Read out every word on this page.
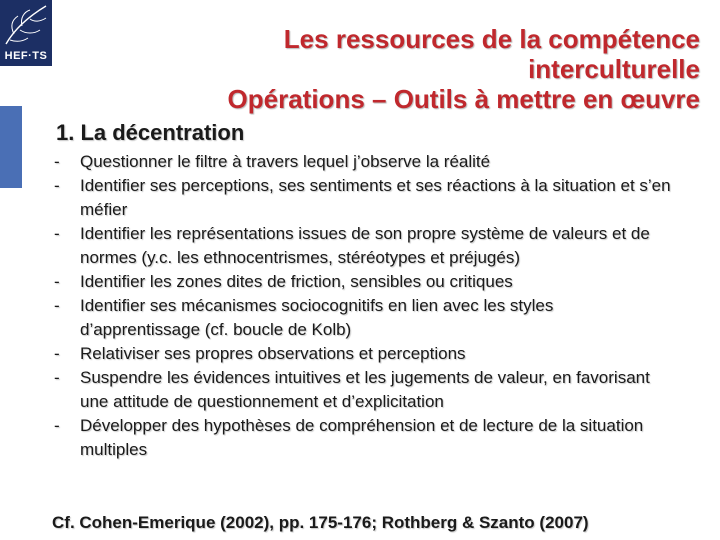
HEF·TS
Les ressources de la compétence
interculturelle
Opérations – Outils à mettre en œuvre
1. La décentration
- Questionner le filtre à travers lequel j’observe la réalité
- Identifier ses perceptions, ses sentiments et ses réactions à la situation et s’en méfier
- Identifier les représentations issues de son propre système de valeurs et de normes (y.c. les ethnocentrismes, stéréotypes et préjugés)
- Identifier les zones dites de friction, sensibles ou critiques
- Identifier ses mécanismes sociocognitifs en lien avec les styles d’apprentissage (cf. boucle de Kolb)
- Relativiser ses propres observations et perceptions
- Suspendre les évidences intuitives et les jugements de valeur, en favorisant une attitude de questionnement et d’explicitation
- Développer des hypothèses de compréhension et de lecture de la situation multiples
Cf. Cohen-Emerique (2002), pp. 175-176; Rothberg & Szanto (2007)
